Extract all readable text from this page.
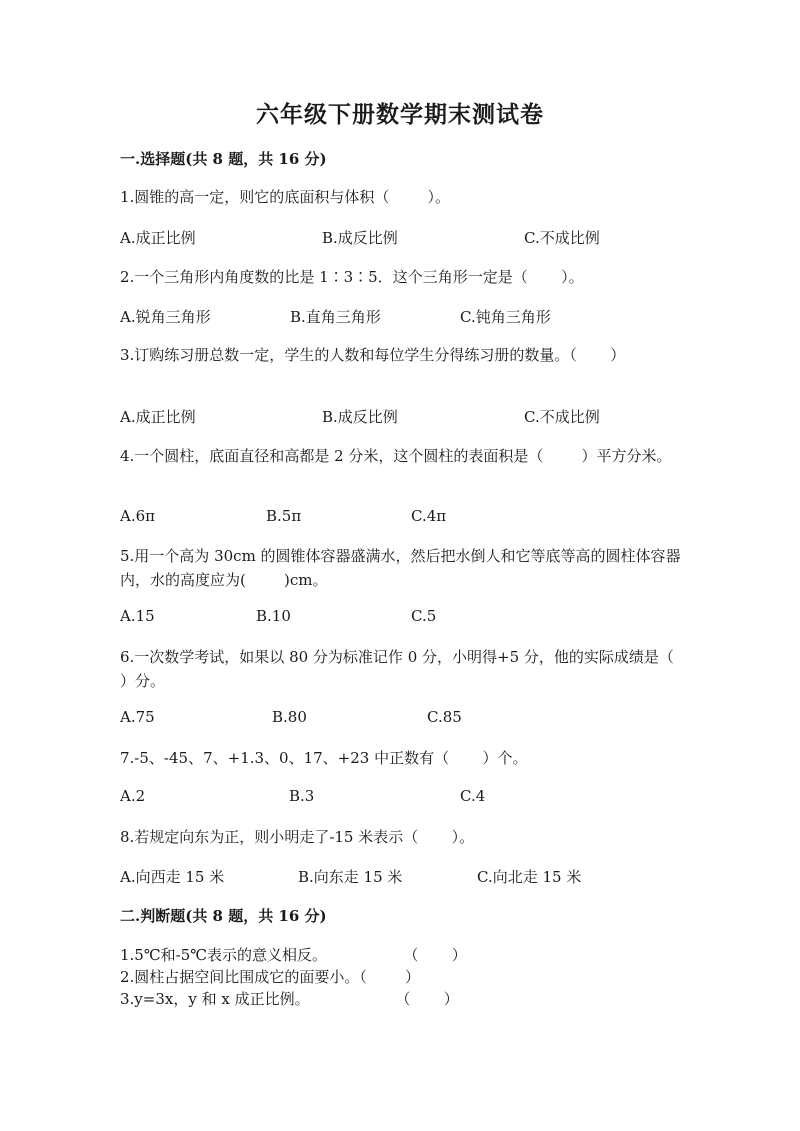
六年级下册数学期末测试卷
一.选择题(共 8 题，共 16 分)
1.圆锥的高一定，则它的底面积与体积（        ）。
A.成正比例	B.成反比例	C.不成比例
2.一个三角形内角度数的比是 1∶3∶5．这个三角形一定是（       ）。
A.锐角三角形	B.直角三角形	C.钝角三角形
3.订购练习册总数一定，学生的人数和每位学生分得练习册的数量。（       ）
A.成正比例	B.成反比例	C.不成比例
4.一个圆柱，底面直径和高都是 2 分米，这个圆柱的表面积是（        ）平方分米。
A.6π	B.5π	C.4π
5.用一个高为 30cm 的圆锥体容器盛满水，然后把水倒人和它等底等高的圆柱体容器内，水的高度应为(        )cm。
A.15	B.10	C.5
6.一次数学考试，如果以 80 分为标准记作 0 分，小明得+5 分，他的实际成绩是（       ）分。
A.75	B.80	C.85
7.-5、-45、7、+1.3、0、17、+23 中正数有（       ）个。
A.2	B.3	C.4
8.若规定向东为正，则小明走了-15 米表示（       ）。
A.向西走 15 米	B.向东走 15 米	C.向北走 15 米
二.判断题(共 8 题，共 16 分)
1.5℃和-5℃表示的意义相反。                （       ）
2.圆柱占据空间比围成它的面要小。（        ）
3.y=3x，y 和 x 成正比例。                  （       ）
